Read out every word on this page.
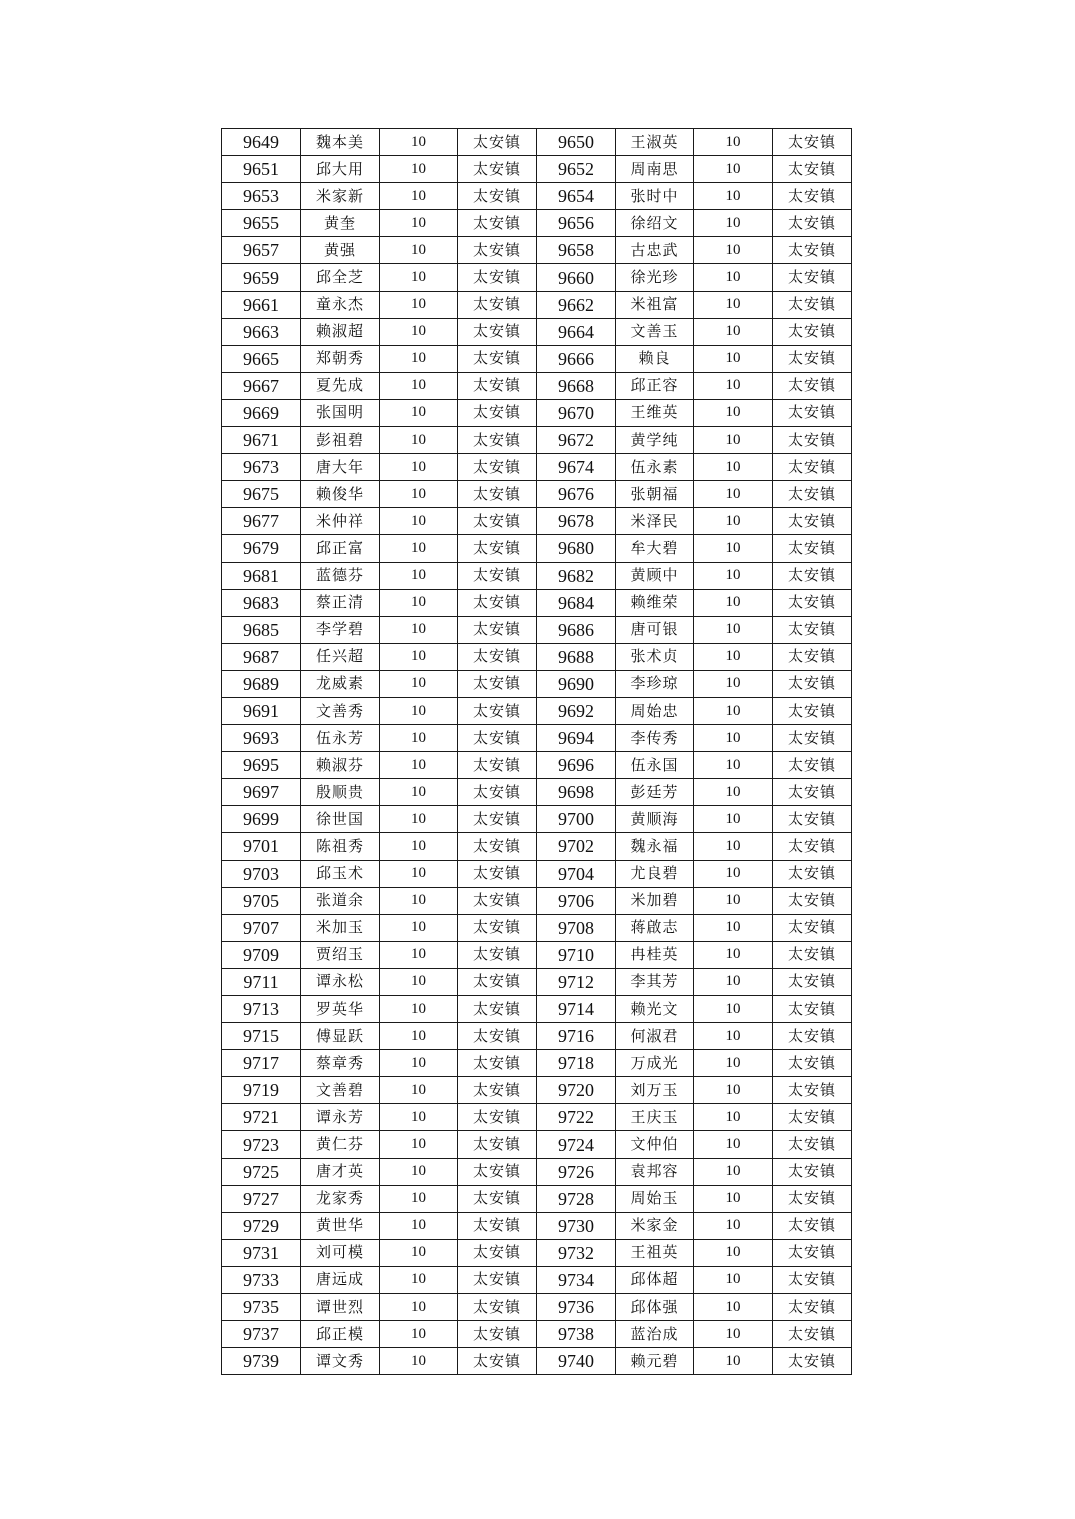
9649	魏本美	10	太安镇	9650	王淑英	10	太安镇
9651	邱大用	10	太安镇	9652	周南思	10	太安镇
9653	米家新	10	太安镇	9654	张时中	10	太安镇
9655	黄奎	10	太安镇	9656	徐绍文	10	太安镇
9657	黄强	10	太安镇	9658	古忠武	10	太安镇
9659	邱全芝	10	太安镇	9660	徐光珍	10	太安镇
9661	童永杰	10	太安镇	9662	米祖富	10	太安镇
9663	赖淑超	10	太安镇	9664	文善玉	10	太安镇
9665	郑朝秀	10	太安镇	9666	赖良	10	太安镇
9667	夏先成	10	太安镇	9668	邱正容	10	太安镇
9669	张国明	10	太安镇	9670	王维英	10	太安镇
9671	彭祖碧	10	太安镇	9672	黄学纯	10	太安镇
9673	唐大年	10	太安镇	9674	伍永素	10	太安镇
9675	赖俊华	10	太安镇	9676	张朝福	10	太安镇
9677	米仲祥	10	太安镇	9678	米泽民	10	太安镇
9679	邱正富	10	太安镇	9680	牟大碧	10	太安镇
9681	蓝德芬	10	太安镇	9682	黄顾中	10	太安镇
9683	蔡正清	10	太安镇	9684	赖维荣	10	太安镇
9685	李学碧	10	太安镇	9686	唐可银	10	太安镇
9687	任兴超	10	太安镇	9688	张术贞	10	太安镇
9689	龙威素	10	太安镇	9690	李珍琼	10	太安镇
9691	文善秀	10	太安镇	9692	周始忠	10	太安镇
9693	伍永芳	10	太安镇	9694	李传秀	10	太安镇
9695	赖淑芬	10	太安镇	9696	伍永国	10	太安镇
9697	殷顺贵	10	太安镇	9698	彭廷芳	10	太安镇
9699	徐世国	10	太安镇	9700	黄顺海	10	太安镇
9701	陈祖秀	10	太安镇	9702	魏永福	10	太安镇
9703	邱玉术	10	太安镇	9704	尤良碧	10	太安镇
9705	张道余	10	太安镇	9706	米加碧	10	太安镇
9707	米加玉	10	太安镇	9708	蒋啟志	10	太安镇
9709	贾绍玉	10	太安镇	9710	冉桂英	10	太安镇
9711	谭永松	10	太安镇	9712	李其芳	10	太安镇
9713	罗英华	10	太安镇	9714	赖光文	10	太安镇
9715	傅显跃	10	太安镇	9716	何淑君	10	太安镇
9717	蔡章秀	10	太安镇	9718	万成光	10	太安镇
9719	文善碧	10	太安镇	9720	刘万玉	10	太安镇
9721	谭永芳	10	太安镇	9722	王庆玉	10	太安镇
9723	黄仁芬	10	太安镇	9724	文仲伯	10	太安镇
9725	唐才英	10	太安镇	9726	袁邦容	10	太安镇
9727	龙家秀	10	太安镇	9728	周始玉	10	太安镇
9729	黄世华	10	太安镇	9730	米家金	10	太安镇
9731	刘可模	10	太安镇	9732	王祖英	10	太安镇
9733	唐远成	10	太安镇	9734	邱体超	10	太安镇
9735	谭世烈	10	太安镇	9736	邱体强	10	太安镇
9737	邱正模	10	太安镇	9738	蓝治成	10	太安镇
9739	谭文秀	10	太安镇	9740	赖元碧	10	太安镇
